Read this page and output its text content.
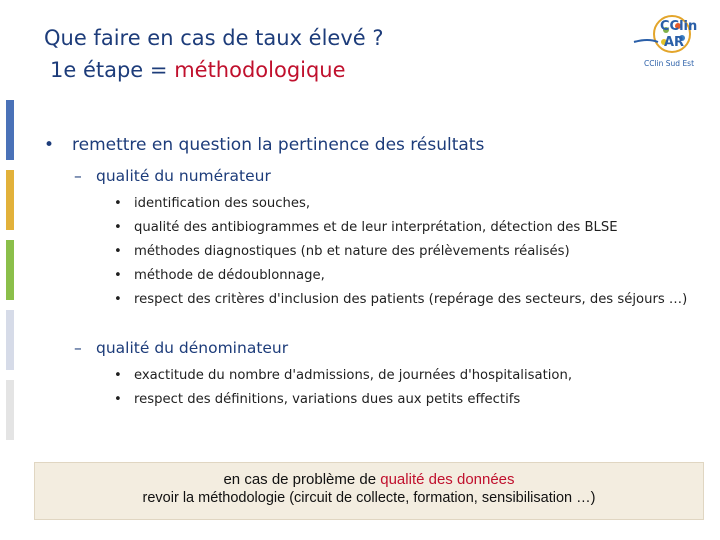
Que faire en cas de taux élevé ?
1e étape = méthodologique
CClin
AR
CClin Sud Est
• remettre en question la pertinence des résultats
– qualité du numérateur
• identification des souches,
• qualité des antibiogrammes et de leur interprétation, détection des BLSE
• méthodes diagnostiques (nb et nature des prélèvements réalisés)
• méthode de dédoublonnage,
• respect des critères d'inclusion des patients (repérage des secteurs, des séjours …)
– qualité du dénominateur
• exactitude du nombre d'admissions, de journées d'hospitalisation,
• respect des définitions, variations dues aux petits effectifs
en cas de problème de qualité des données
revoir la méthodologie (circuit de collecte, formation, sensibilisation …)
